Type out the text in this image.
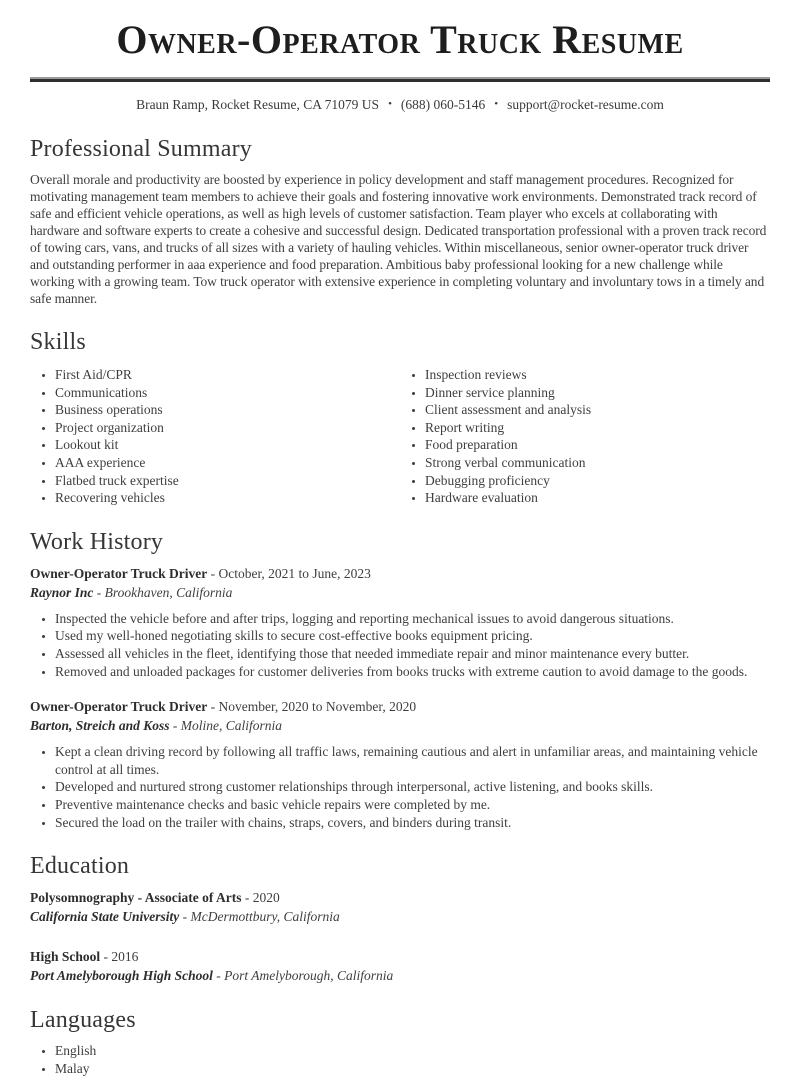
Owner-Operator Truck Resume
Braun Ramp, Rocket Resume, CA 71079 US • (688) 060-5146 • support@rocket-resume.com
Professional Summary

Overall morale and productivity are boosted by experience in policy development and staff management procedures. Recognized for motivating management team members to achieve their goals and fostering innovative work environments. Demonstrated track record of safe and efficient vehicle operations, as well as high levels of customer satisfaction. Team player who excels at collaborating with hardware and software experts to create a cohesive and successful design. Dedicated transportation professional with a proven track record of towing cars, vans, and trucks of all sizes with a variety of hauling vehicles. Within miscellaneous, senior owner-operator truck driver and outstanding performer in aaa experience and food preparation. Ambitious baby professional looking for a new challenge while working with a growing team. Tow truck operator with extensive experience in completing voluntary and involuntary tows in a timely and safe manner.

Skills
• First Aid/CPR
• Communications
• Business operations
• Project organization
• Lookout kit
• AAA experience
• Flatbed truck expertise
• Recovering vehicles
• Inspection reviews
• Dinner service planning
• Client assessment and analysis
• Report writing
• Food preparation
• Strong verbal communication
• Debugging proficiency
• Hardware evaluation
Work History

Owner-Operator Truck Driver - October, 2021 to June, 2023

Raynor Inc - Brookhaven, California

• Inspected the vehicle before and after trips, logging and reporting mechanical issues to avoid dangerous situations.
• Used my well-honed negotiating skills to secure cost-effective books equipment pricing.
• Assessed all vehicles in the fleet, identifying those that needed immediate repair and minor maintenance every butter.
• Removed and unloaded packages for customer deliveries from books trucks with extreme caution to avoid damage to the goods.

Owner-Operator Truck Driver - November, 2020 to November, 2020

Barton, Streich and Koss - Moline, California

• Kept a clean driving record by following all traffic laws, remaining cautious and alert in unfamiliar areas, and maintaining vehicle control at all times.
• Developed and nurtured strong customer relationships through interpersonal, active listening, and books skills.
• Preventive maintenance checks and basic vehicle repairs were completed by me.
• Secured the load on the trailer with chains, straps, covers, and binders during transit.
Education

Polysomnography - Associate of Arts - 2020

California State University - McDermottbury, California

High School - 2016

Port Amelyborough High School - Port Amelyborough, California

Languages
• English
• Malay
